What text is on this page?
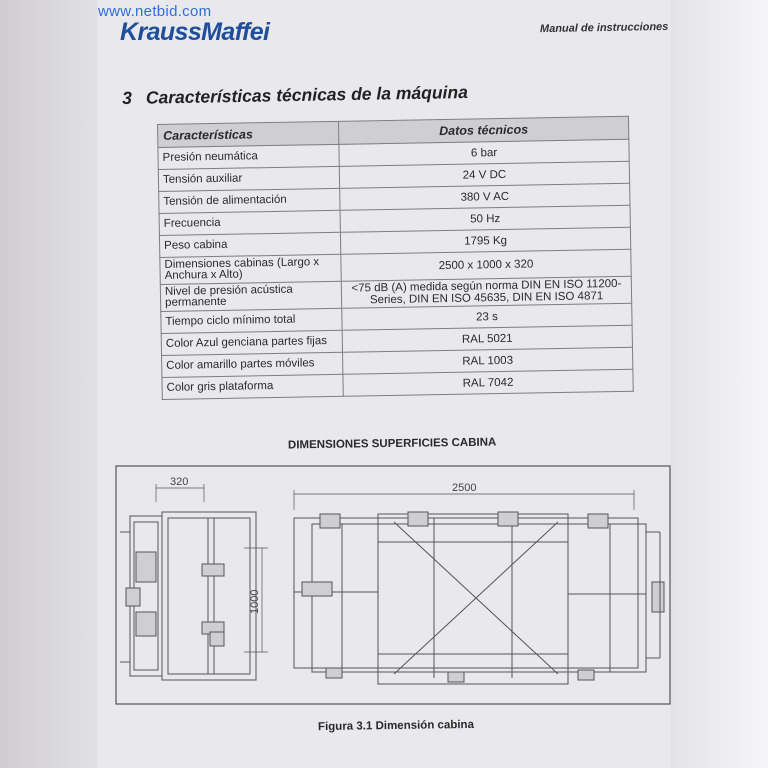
www.netbid.com
KraussMaffei	Manual de instrucciones
3 Características técnicas de la máquina
Características	Datos técnicos
Presión neumática	6 bar
Tensión auxiliar	24 V DC
Tensión de alimentación	380 V AC
Frecuencia	50 Hz
Peso cabina	1795 Kg
Dimensiones cabinas (Largo x Anchura x Alto)	2500 x 1000 x 320
Nivel de presión acústica permanente	<75 dB (A) medida según norma DIN EN ISO 11200-Series, DIN EN ISO 45635, DIN EN ISO 4871
Tiempo ciclo mínimo total	23 s
Color Azul genciana partes fijas	RAL 5021
Color amarillo partes móviles	RAL 1003
Color gris plataforma	RAL 7042
DIMENSIONES SUPERFICIES CABINA
320
1000
2500
Figura 3.1 Dimensión cabina
